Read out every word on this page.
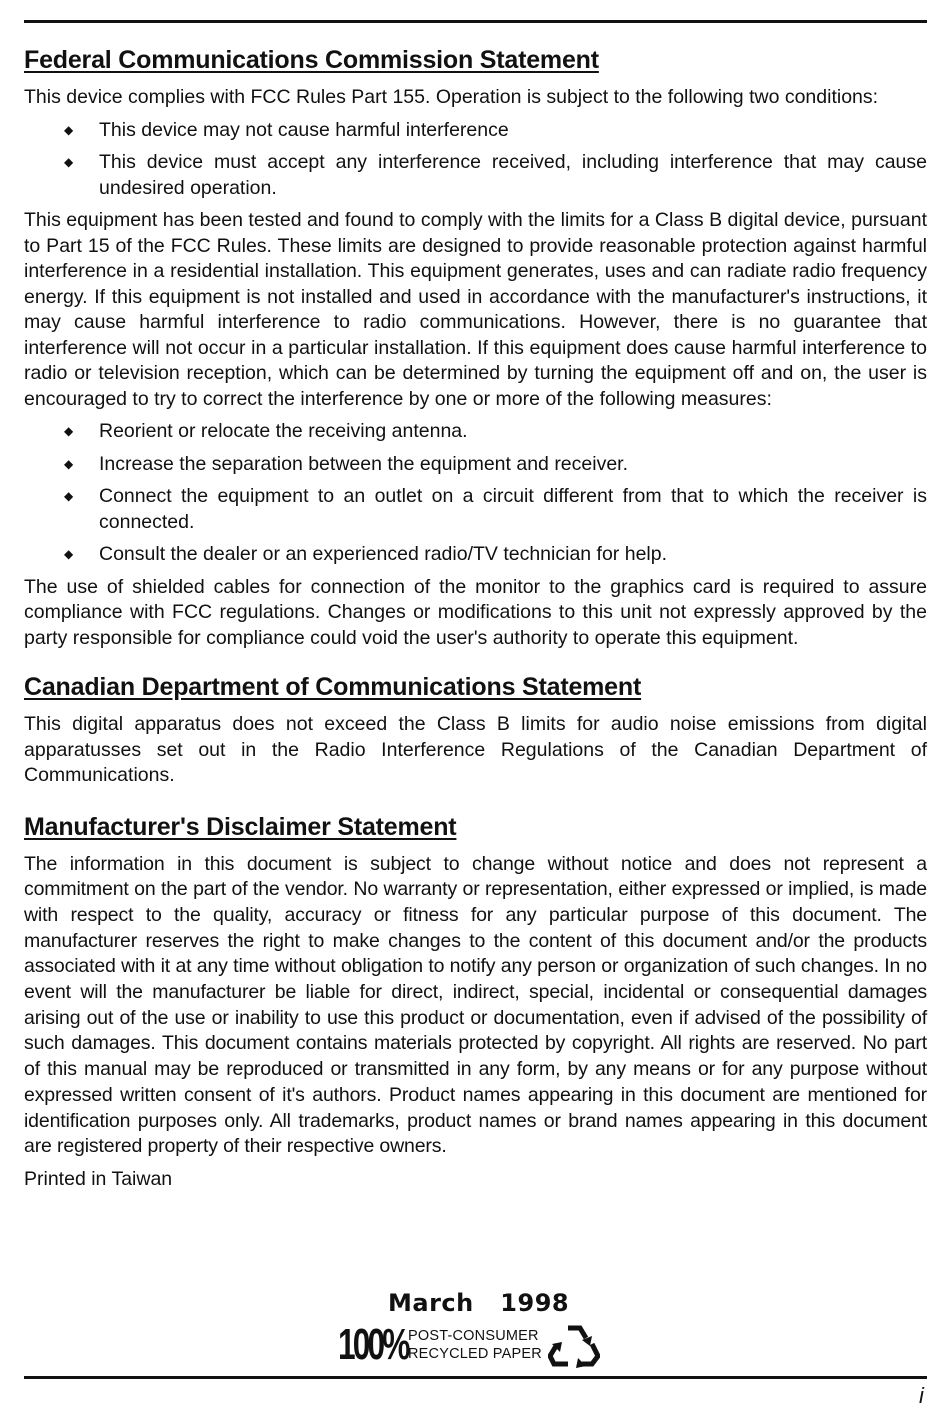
Federal Communications Commission Statement

This device complies with FCC Rules Part 155. Operation is subject to the following two conditions:

◆ This device may not cause harmful interference
◆ This device must accept any interference received, including interference that may cause undesired operation.

This equipment has been tested and found to comply with the limits for a Class B digital device, pursuant to Part 15 of the FCC Rules. These limits are designed to provide reasonable protection against harmful interference in a residential installation. This equipment generates, uses and can radiate radio frequency energy. If this equipment is not installed and used in accordance with the manufacturer's instructions, it may cause harmful interference to radio communications. However, there is no guarantee that interference will not occur in a particular installation. If this equipment does cause harmful interference to radio or television reception, which can be determined by turning the equipment off and on, the user is encouraged to try to correct the interference by one or more of the following measures:

◆ Reorient or relocate the receiving antenna.
◆ Increase the separation between the equipment and receiver.
◆ Connect the equipment to an outlet on a circuit different from that to which the receiver is connected.
◆ Consult the dealer or an experienced radio/TV technician for help.

The use of shielded cables for connection of the monitor to the graphics card is required to assure compliance with FCC regulations. Changes or modifications to this unit not expressly approved by the party responsible for compliance could void the user's authority to operate this equipment.

Canadian Department of Communications Statement

This digital apparatus does not exceed the Class B limits for audio noise emissions from digital apparatusses set out in the Radio Interference Regulations of the Canadian Department of Communications.

Manufacturer's Disclaimer Statement

The information in this document is subject to change without notice and does not represent a commitment on the part of the vendor. No warranty or representation, either expressed or implied, is made with respect to the quality, accuracy or fitness for any particular purpose of this document. The manufacturer reserves the right to make changes to the content of this document and/or the products associated with it at any time without obligation to notify any person or organization of such changes. In no event will the manufacturer be liable for direct, indirect, special, incidental or consequential damages arising out of the use or inability to use this product or documentation, even if advised of the possibility of such damages. This document contains materials protected by copyright. All rights are reserved. No part of this manual may be reproduced or transmitted in any form, by any means or for any purpose without expressed written consent of it's authors. Product names appearing in this document are mentioned for identification purposes only. All trademarks, product names or brand names appearing in this document are registered property of their respective owners.

Printed in Taiwan

March   1998
100% POST-CONSUMER
RECYCLED PAPER
i
